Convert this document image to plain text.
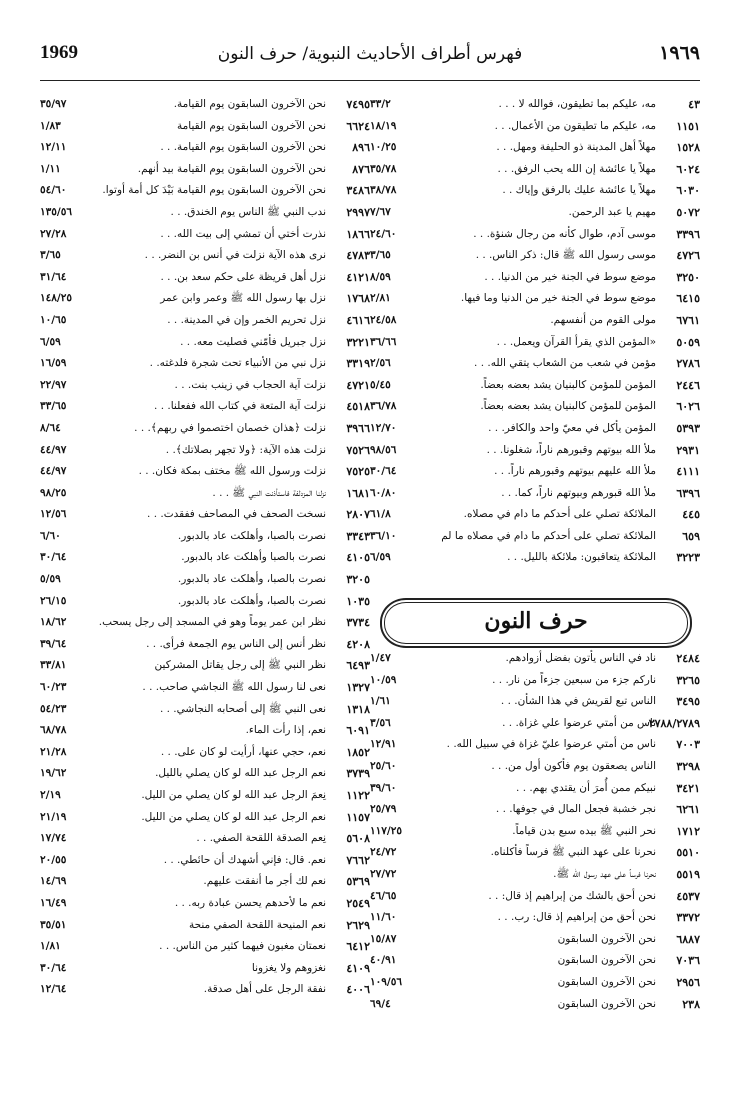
1969	فهرس أطراف الأحاديث النبوية/ حرف النون	١٩٦٩
٤٣
مه، عليكم بما تطيقون، فوالله لا . . .
٣٣/٢
١١٥١
مه، عليكم ما تطيقون من الأعمال. . .
١٨/١٩
١٥٢٨
مهلاً أهل المدينة ذو الحليفة ومهل. . .
١٠/٢٥
٦٠٢٤
مهلاً يا عائشة إن الله يحب الرفق. . .
٣٥/٧٨
٦٠٣٠
مهلاً يا عائشة عليك بالرفق وإياك . .
٣٨/٧٨
٥٠٧٢
مهيم يا عبد الرحمن.
٧/٦٧
٣٣٩٦
موسى آدم، طوال كأنه من رجال شنؤة. . .
٢٤/٦٠
٤٧٢٦
موسى رسول الله ﷺ قال: ذكر الناس. . .
٣/٦٥
٣٢٥٠
موضع سوط في الجنة خير من الدنيا. . .
٨/٥٩
٦٤١٥
موضع سوط في الجنة خير من الدنيا وما فيها.
٢/٨١
٦٧٦١
مولى القوم من أنفسهم.
٢٤/٥٨
٥٠٥٩
«المؤمن الذي يقرأ القرآن ويعمل. . .
٣٦/٦٦
٢٧٨٦
مؤمن في شعب من الشعاب يتقي الله. . .
٢/٥٦
٢٤٤٦
المؤمن للمؤمن كالبنيان يشد بعضه بعضاً.
٥/٤٥
٦٠٢٦
المؤمن للمؤمن كالبنيان يشد بعضه بعضاً.
٣٦/٧٨
٥٣٩٣
المؤمن يأكل في معيّ واحد والكافر. . .
١٢/٧٠
٢٩٣١
ملأ الله بيوتهم وقبورهم ناراً، شغلونا. . .
٩٨/٥٦
٤١١١
ملأ الله عليهم بيوتهم وقبورهم ناراً. . .
٣٠/٦٤
٦٣٩٦
ملأ الله قبورهم وبيوتهم ناراً، كما. . .
٦٠/٨٠
٤٤٥
الملائكة تصلي على أحدكم ما دام في مصلاه.
٦١/٨
٦٥٩
الملائكة تصلي على أحدكم ما دام في مصلاه ما لم
٣٦/١٠
٣٢٢٣
الملائكة يتعاقبون: ملائكة بالليل. . .
٦/٥٩
حرف النون
٢٤٨٤
ناد في الناس يأتون بفضل أزوادهم.
١/٤٧
٣٢٦٥
ناركم جزء من سبعين جزءاً من نار. . .
١٠/٥٩
٣٤٩٥
الناس تبع لقريش في هذا الشأن. . .
١/٦١
٢٧٨٨/٢٧٨٩
ناس من أمتي عرضوا علي غزاة. . .
٣/٥٦
٧٠٠٣
ناس من أمتي عرضوا عليّ غزاة في سبيل الله. .
١٢/٩١
٣٢٩٨
الناس يصعقون يوم فأكون أول من. . .
٢٥/٦٠
٣٤٢١
نبيكم ممن أُمرَ أن يقتدي بهم. . .
٣٩/٦٠
٦٢٦١
نجر خشبة فجعل المال في جوفها. . .
٢٥/٧٩
١٧١٢
نحر النبي ﷺ بيده سبع بدن قياماً.
١١٧/٢٥
٥٥١٠
نحرنا على عهد النبي ﷺ فرساً فأكلناه.
٢٤/٧٢
٥٥١٩
نحرنا فرساً على عهد رسول الله ﷺ.
٢٧/٧٢
٤٥٣٧
نحن أحق بالشك من إبراهيم إذ قال: . .
٤٦/٦٥
٣٣٧٢
نحن أحق من إبراهيم إذ قال: رب. . .
١١/٦٠
٦٨٨٧
نحن الآخرون السابقون
١٥/٨٧
٧٠٣٦
نحن الآخرون السابقون
٤٠/٩١
٢٩٥٦
نحن الآخرون السابقون
١٠٩/٥٦
٢٣٨
نحن الآخرون السابقون
٦٩/٤
٧٤٩٥
نحن الآخرون السابقون يوم القيامة.
٣٥/٩٧
٦٦٢٤
نحن الآخرون السابقون يوم القيامة
١/٨٣
٨٩٦
نحن الآخرون السابقون يوم القيامة. . .
١٢/١١
٨٧٦
نحن الآخرون السابقون يوم القيامة بيد أنهم.
١/١١
٣٤٨٦
نحن الآخرون السابقون يوم القيامة بَيْدَ كل أمة أوتوا.
٥٤/٦٠
٢٩٩٧
ندب النبي ﷺ الناس يوم الخندق. . .
١٣٥/٥٦
١٨٦٦
نذرت أختي أن تمشي إلى بيت الله. . .
٢٧/٢٨
٤٧٨٣
نرى هذه الآية نزلت في أنس بن النضر. . .
٣/٦٥
٤١٢١
نزل أهل قريظة على حكم سعد بن. . .
٣١/٦٤
١٧٦٨
نزل بها رسول الله ﷺ وعمر وابن عمر
١٤٨/٢٥
٤٦١٦
نزل تحريم الخمر وإن في المدينة. . .
١٠/٦٥
٣٢٢١
نزل جبريل فأمّني فصليت معه. . .
٦/٥٩
٣٣١٩
نزل نبي من الأنبياء تحت شجرة فلدغته. .
١٦/٥٩
٤٧٢١
نزلت آية الحجاب في زينب بنت. . .
٢٢/٩٧
٤٥١٨
نزلت آية المتعة في كتاب الله ففعلنا. . .
٣٣/٦٥
٣٩٦٦
نزلت ﴿هذان خصمان اختصموا في ربهم﴾. . .
٨/٦٤
٧٥٢٦
نزلت هذه الآية: ﴿ولا تجهر بصلاتك﴾. .
٤٤/٩٧
٧٥٢٥
نزلت ورسول الله ﷺ مختف بمكة فكان. . .
٤٤/٩٧
١٦٨١
نزلنا المزدلفة فاستأذنت النبي ﷺ . . .
٩٨/٢٥
٢٨٠٧
نسخت الصحف في المصاحف ففقدت. . .
١٢/٥٦
٣٣٤٣
نصرت بالصبا، وأهلكت عاد بالدبور.
٦/٦٠
٤١٠٥
نصرت بالصبا وأهلكت عاد بالدبور.
٣٠/٦٤
٣٢٠٥
نصرت بالصبا، وأهلكت عاد بالدبور.
٥/٥٩
١٠٣٥
نصرت بالصبا، وأهلكت عاد بالدبور.
٢٦/١٥
٣٧٣٤
نظر ابن عمر يوماً وهو في المسجد إلى رجل يسحب.
١٨/٦٢
٤٢٠٨
نظر أنس إلى الناس يوم الجمعة فرأى. . .
٣٩/٦٤
٦٤٩٣
نظر النبي ﷺ إلى رجل يقاتل المشركين
٣٣/٨١
١٣٢٧
نعى لنا رسول الله ﷺ النجاشي صاحب. . .
٦٠/٢٣
١٣١٨
نعى النبي ﷺ إلى أصحابه النجاشي. . .
٥٤/٢٣
٦٠٩١
نعم، إذا رأت الماء.
٦٨/٧٨
١٨٥٢
نعم، حجي عنها، أرأيت لو كان على. . .
٢١/٢٨
٣٧٣٩
نعم الرجل عبد الله لو كان يصلي بالليل.
١٩/٦٢
١١٢٢
نِعمَ الرجل عبد الله لو كان يصلي من الليل.
٢/١٩
١١٥٧
نعم الرجل عبد الله لو كان يصلي من الليل.
٢١/١٩
٥٦٠٨
نِعم الصدقة اللقحة الصفي. . .
١٧/٧٤
٧٦٦٢
نعم. قال: فإني أشهدك أن حائطي. . .
٢٠/٥٥
٥٣٦٩
نعم لك أجر ما أنفقت عليهم.
١٤/٦٩
٢٥٤٩
نعم ما لأحدهم يحسن عبادة ربه. . .
١٦/٤٩
٢٦٢٩
نعم المنيحة اللقحة الصفي منحة
٣٥/٥١
٦٤١٢
نعمتان مغبون فيهما كثير من الناس. . .
١/٨١
٤١٠٩
نغزوهم ولا يغزونا
٣٠/٦٤
٤٠٠٦
نفقة الرجل على أهل صدقة.
١٢/٦٤
